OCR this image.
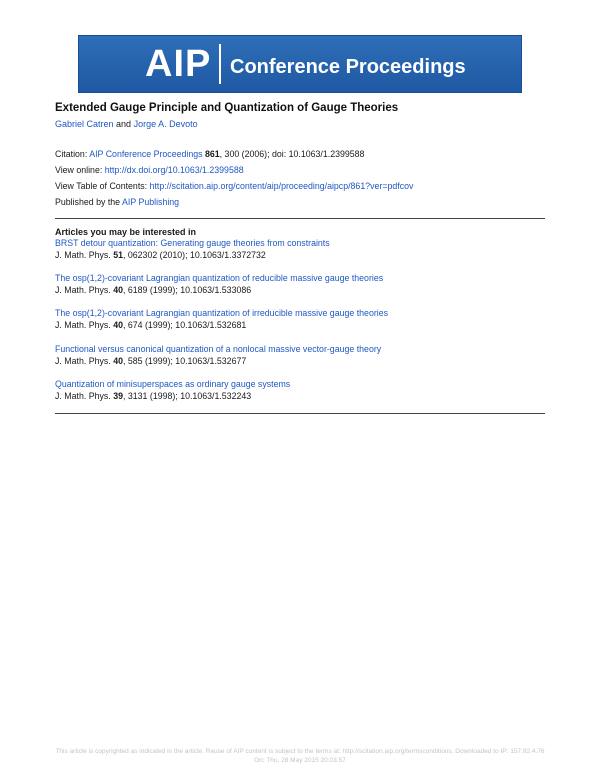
AIP Conference Proceedings
Extended Gauge Principle and Quantization of Gauge Theories
Gabriel Catren and Jorge A. Devoto
Citation: AIP Conference Proceedings 861, 300 (2006); doi: 10.1063/1.2399588
View online: http://dx.doi.org/10.1063/1.2399588
View Table of Contents: http://scitation.aip.org/content/aip/proceeding/aipcp/861?ver=pdfcov
Published by the AIP Publishing
Articles you may be interested in
BRST detour quantization: Generating gauge theories from constraints
J. Math. Phys. 51, 062302 (2010); 10.1063/1.3372732
The osp(1,2)-covariant Lagrangian quantization of reducible massive gauge theories
J. Math. Phys. 40, 6189 (1999); 10.1063/1.533086
The osp(1,2)-covariant Lagrangian quantization of irreducible massive gauge theories
J. Math. Phys. 40, 674 (1999); 10.1063/1.532681
Functional versus canonical quantization of a nonlocal massive vector-gauge theory
J. Math. Phys. 40, 585 (1999); 10.1063/1.532677
Quantization of minisuperspaces as ordinary gauge systems
J. Math. Phys. 39, 3131 (1998); 10.1063/1.532243
This article is copyrighted as indicated in the article. Reuse of AIP content is subject to the terms at: http://scitation.aip.org/termsconditions. Downloaded to IP: 157.92.4.76
On: Thu, 28 May 2015 20:03:57
